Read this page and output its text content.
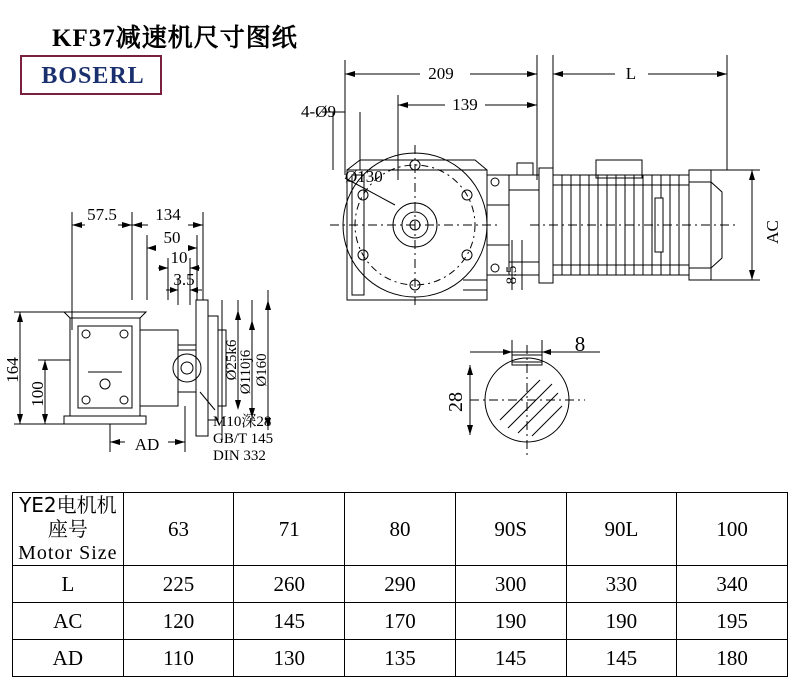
KF37减速机尺寸图纸
BOSERL	209	L
139
4-Ø9
Ø130
8.5
AC
57.5 134
50
10
3.5
Ø25k6
Ø110j6 Ø160
164
100
AD
M10深28
GB/T 145
DIN 332
8
28
YE2电机机座号
Motor Size	63	71	80	90S	90L	100
L	225	260	290	300	330	340
AC	120	145	170	190	190	195
AD	110	130	135	145	145	180
